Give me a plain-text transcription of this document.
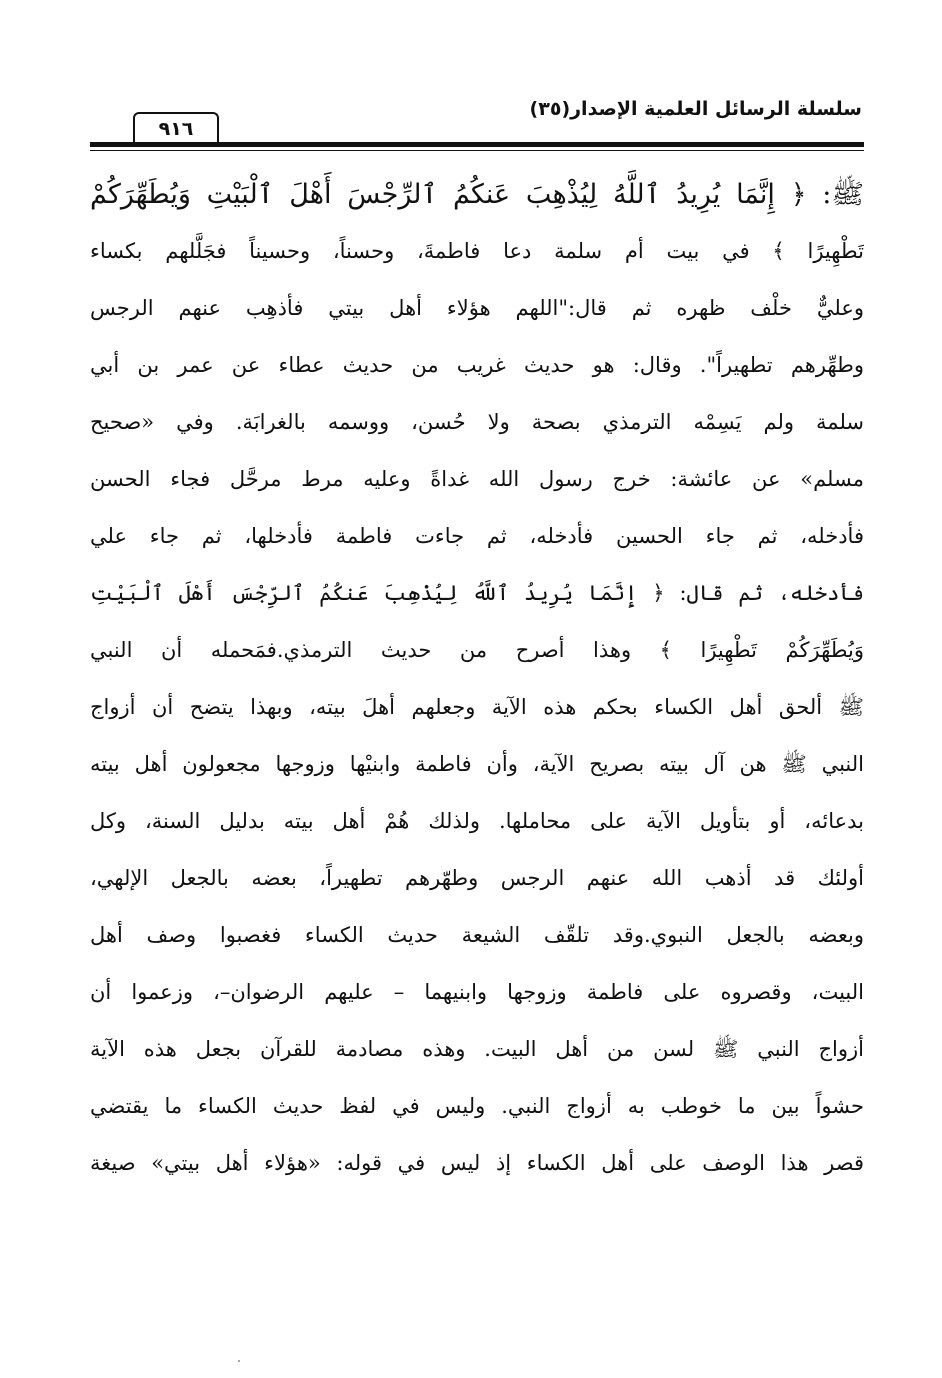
سلسلة الرسائل العلمية الإصدار(٣٥)
٩١٦
ﷺ: ﴿ إِنَّمَا يُرِيدُ ٱللَّهُ لِيُذْهِبَ عَنكُمُ ٱلرِّجْسَ أَهْلَ ٱلْبَيْتِ وَيُطَهِّرَكُمْ
تَطْهِيرًا ﴾ في بيت أم سلمة دعا فاطمةَ، وحسناً، وحسيناً فجَلَّلهم بكساء
وعليٌّ خلْف ظهره ثم قال:"اللهم هؤلاء أهل بيتي فأذهِب عنهم الرجس
وطهِّرهم تطهيراً". وقال: هو حديث غريب من حديث عطاء عن عمر بن أبي
سلمة ولم يَسِمْه الترمذي بصحة ولا حُسن، ووسمه بالغرابَة. وفي «صحيح
مسلم» عن عائشة: خرج رسول الله غداةً وعليه مرط مرحَّل فجاء الحسن
فأدخله، ثم جاء الحسين فأدخله، ثم جاءت فاطمة فأدخلها، ثم جاء علي
فأدخله، ثم قال: ﴿ إِنَّمَا يُرِيدُ ٱللَّهُ لِيُذْهِبَ عَنكُمُ ٱلرِّجْسَ أَهْلَ ٱلْبَيْتِ
وَيُطَهِّرَكُمْ تَطْهِيرًا ﴾ وهذا أصرح من حديث الترمذي.فمَحمله أن النبي
ﷺ ألحق أهل الكساء بحكم هذه الآية وجعلهم أهلَ بيته، وبهذا يتضح أن أزواج
النبي ﷺ هن آل بيته بصريح الآية، وأن فاطمة وابنيْها وزوجها مجعولون أهل بيته
بدعائه، أو بتأويل الآية على محاملها. ولذلك هُمْ أهل بيته بدليل السنة، وكل
أولئك قد أذهب الله عنهم الرجس وطهّرهم تطهيراً، بعضه بالجعل الإلهي،
وبعضه بالجعل النبوي.وقد تلقّف الشيعة حديث الكساء فغصبوا وصف أهل
البيت، وقصروه على فاطمة وزوجها وابنيهما – عليهم الرضوان–، وزعموا أن
أزواج النبي ﷺ لسن من أهل البيت. وهذه مصادمة للقرآن بجعل هذه الآية
حشواً بين ما خوطب به أزواج النبي. وليس في لفظ حديث الكساء ما يقتضي
قصر هذا الوصف على أهل الكساء إذ ليس في قوله: «هؤلاء أهل بيتي» صيغة
